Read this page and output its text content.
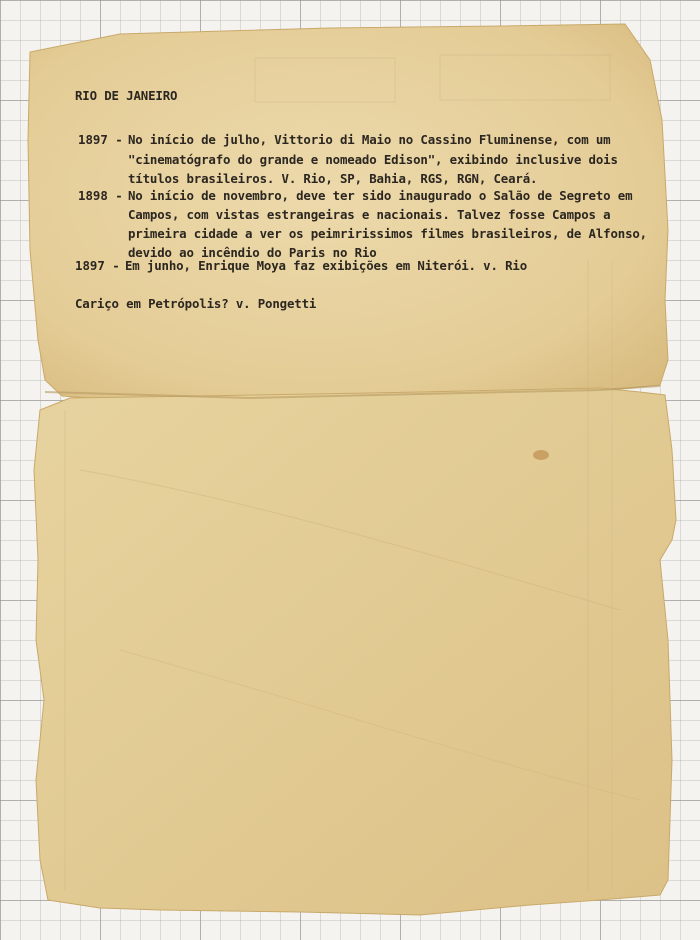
RIO DE JANEIRO
1897 - No início de julho, Vittorio di Maio no Cassino Fluminense, com um
"cinematógrafo do grande e nomeado Edison", exibindo inclusive dois
títulos brasileiros. V. Rio, SP, Bahia, RGS, RGN, Ceará.
1898 - No início de novembro, deve ter sido inaugurado o Salão de Segreto em
Campos, com vistas estrangeiras e nacionais. Talvez fosse Campos a
primeira cidade a ver os peimririssimos filmes brasileiros, de Alfonso,
devido ao incêndio do Paris no Rio
1897 - Em junho, Enrique Moya faz exibições em Niterói. v. Rio
Cariço em Petrópolis? v. Pongetti
